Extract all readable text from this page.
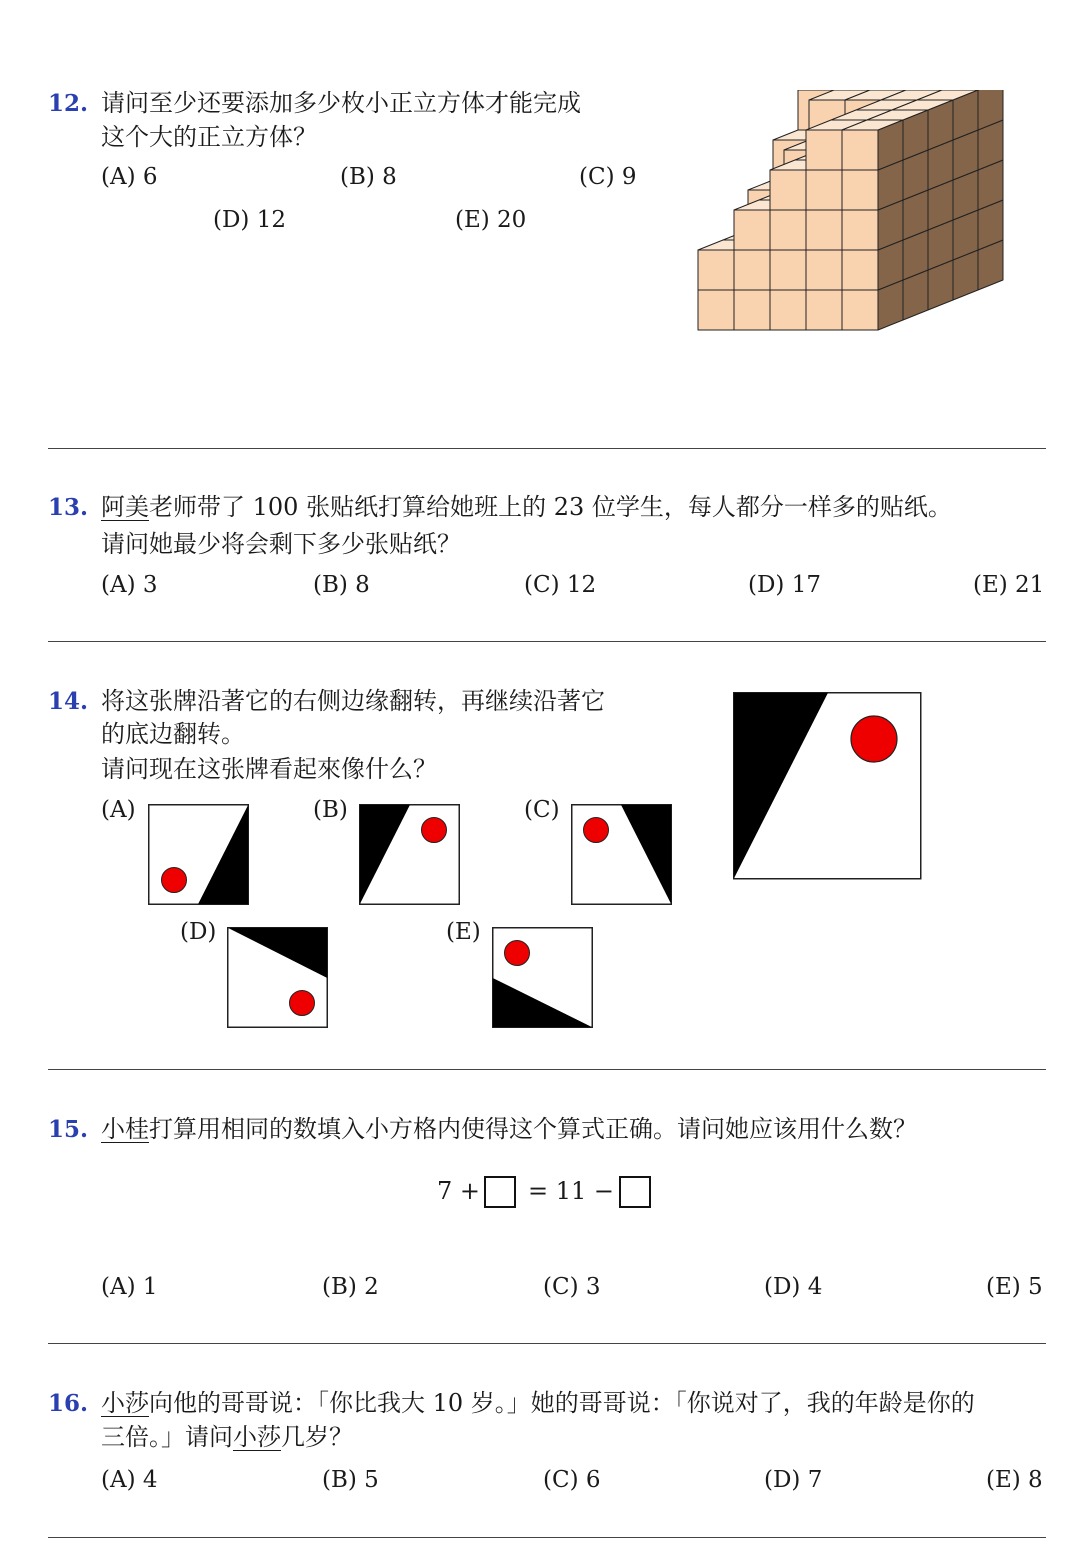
12. 请问至少还要添加多少枚小正立方体才能完成
这个大的正立方体？
(A) 6	(B) 8	(C) 9
(D) 12	(E) 20
13. 阿美老师带了 100 张贴纸打算给她班上的 23 位学生，每人都分一样多的贴纸。
请问她最少将会剩下多少张贴纸？
(A) 3	(B) 8	(C) 12	(D) 17	(E) 21
14. 将这张牌沿著它的右侧边缘翻转，再继续沿著它
的底边翻转。
请问现在这张牌看起來像什么？
(A)	(B)	(C)
(D)	(E)
15. 小桂打算用相同的数填入小方格内使得这个算式正确。请问她应该用什么数？
7 + = 11 −
(A) 1	(B) 2	(C) 3	(D) 4	(E) 5
16. 小莎向他的哥哥说：「你比我大 10 岁。」她的哥哥说：「你说对了，我的年龄是你的
三倍。」请问小莎几岁？
(A) 4	(B) 5	(C) 6	(D) 7	(E) 8
